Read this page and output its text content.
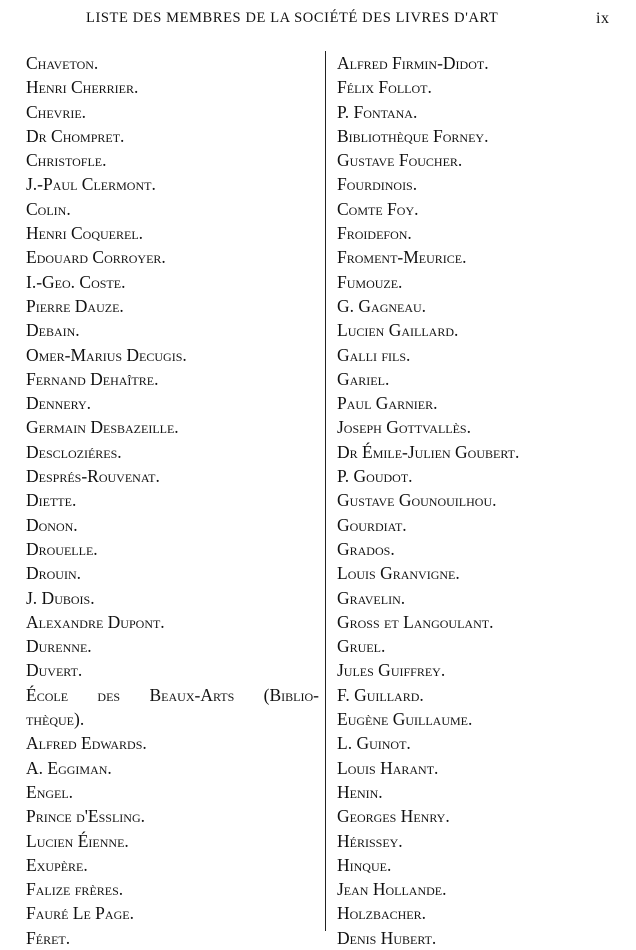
LISTE DES MEMBRES DE LA SOCIÉTÉ DES LIVRES D'ART	ix
Chaveton.
Henri Cherrier.
Chevrie.
Dr Chompret.
Christofle.
J.-Paul Clermont.
Colin.
Henri Coquerel.
Edouard Corroyer.
I.-Geo. Coste.
Pierre Dauze.
Debain.
Omer-Marius Decugis.
Fernand Dehaître.
Dennery.
Germain Desbazeille.
Descloziéres.
Després-Rouvenat.
Diette.
Donon.
Drouelle.
Drouin.
J. Dubois.
Alexandre Dupont.
Durenne.
Duvert.
École des Beaux-Arts (Biblio-
thèque).
Alfred Edwards.
A. Eggiman.
Engel.
Prince d'Essling.
Lucien Éienne.
Exupère.
Falize frères.
Fauré Le Page.
Féret.
Alfred Firmin-Didot.
Félix Follot.
P. Fontana.
Bibliothèque Forney.
Gustave Foucher.
Fourdinois.
Comte Foy.
Froidefon.
Froment-Meurice.
Fumouze.
G. Gagneau.
Lucien Gaillard.
Galli fils.
Gariel.
Paul Garnier.
Joseph Gottvallès.
Dr Émile-Julien Goubert.
P. Goudot.
Gustave Gounouilhou.
Gourdiat.
Grados.
Louis Granvigne.
Gravelin.
Gross et Langoulant.
Gruel.
Jules Guiffrey.
F. Guillard.
Eugène Guillaume.
L. Guinot.
Louis Harant.
Henin.
Georges Henry.
Hérissey.
Hinque.
Jean Hollande.
Holzbacher.
Denis Hubert.
